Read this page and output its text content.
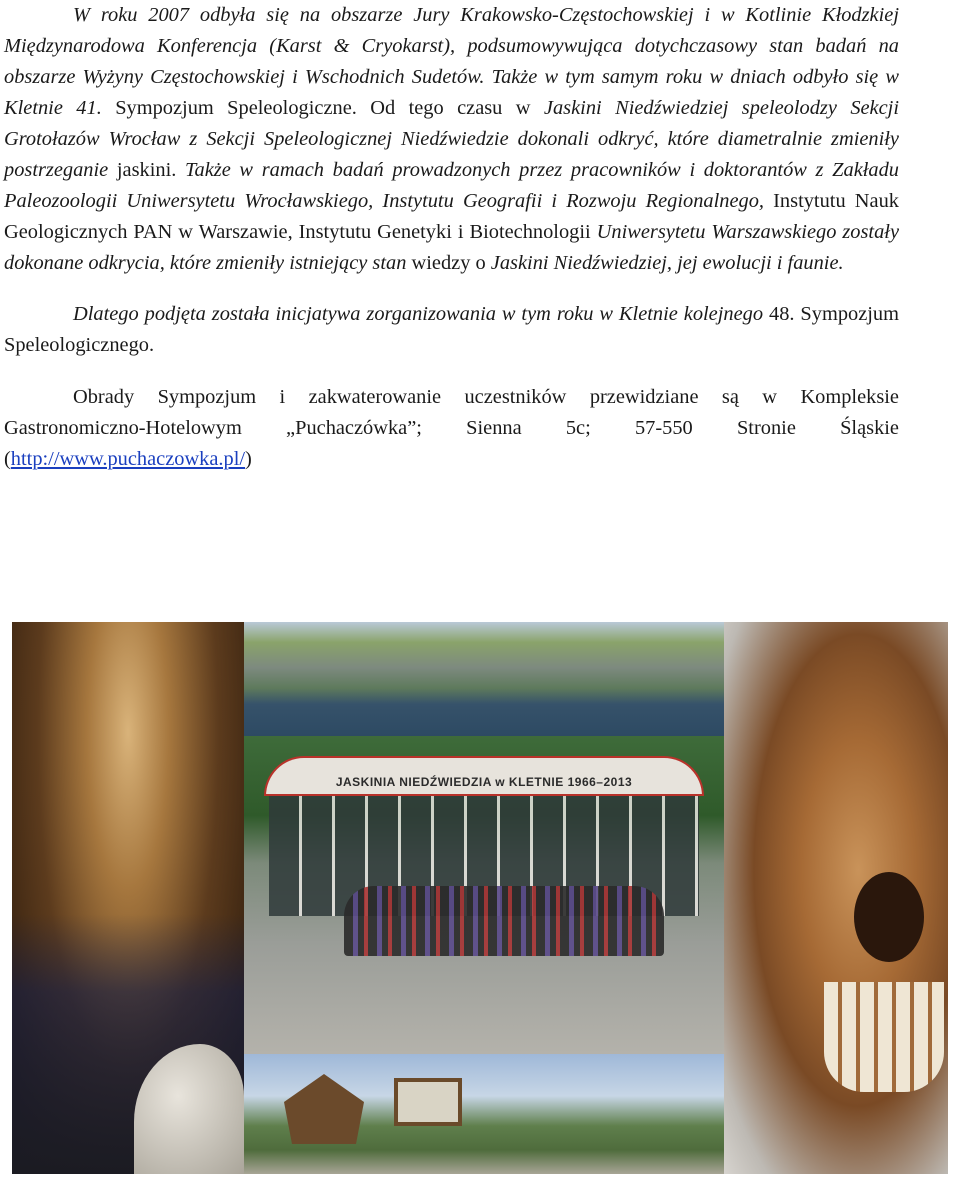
W roku 2007 odbyła się na obszarze Jury Krakowsko-Częstochowskiej i w Kotlinie Kłodzkiej Międzynarodowa Konferencja (Karst & Cryokarst), podsumowywująca dotychczasowy stan badań na obszarze Wyżyny Częstochowskiej i Wschodnich Sudetów. Także w tym samym roku w dniach odbyło się w Kletnie 41. Sympozjum Speleologiczne. Od tego czasu w Jaskini Niedźwiedziej speleolodzy Sekcji Grotołazów Wrocław z Sekcji Speleologicznej Niedźwiedzie dokonali odkryć, które diametralnie zmieniły postrzeganie jaskini. Także w ramach badań prowadzonych przez pracowników i doktorantów z Zakładu Paleozoologii Uniwersytetu Wrocławskiego, Instytutu Geografii i Rozwoju Regionalnego, Instytutu Nauk Geologicznych PAN w Warszawie, Instytutu Genetyki i Biotechnologii Uniwersytetu Warszawskiego zostały dokonane odkrycia, które zmieniły istniejący stan wiedzy o Jaskini Niedźwiedziej, jej ewolucji i faunie.

Dlatego podjęta została inicjatywa zorganizowania w tym roku w Kletnie kolejnego 48. Sympozjum Speleologicznego.

Obrady Sympozjum i zakwaterowanie uczestników przewidziane są w Kompleksie Gastronomiczno-Hotelowym „Puchaczówka”; Sienna 5c; 57-550 Stronie Śląskie (http://www.puchaczowka.pl/)

JASKINIA NIEDŹWIEDZIA w KLETNIE 1966–2013
